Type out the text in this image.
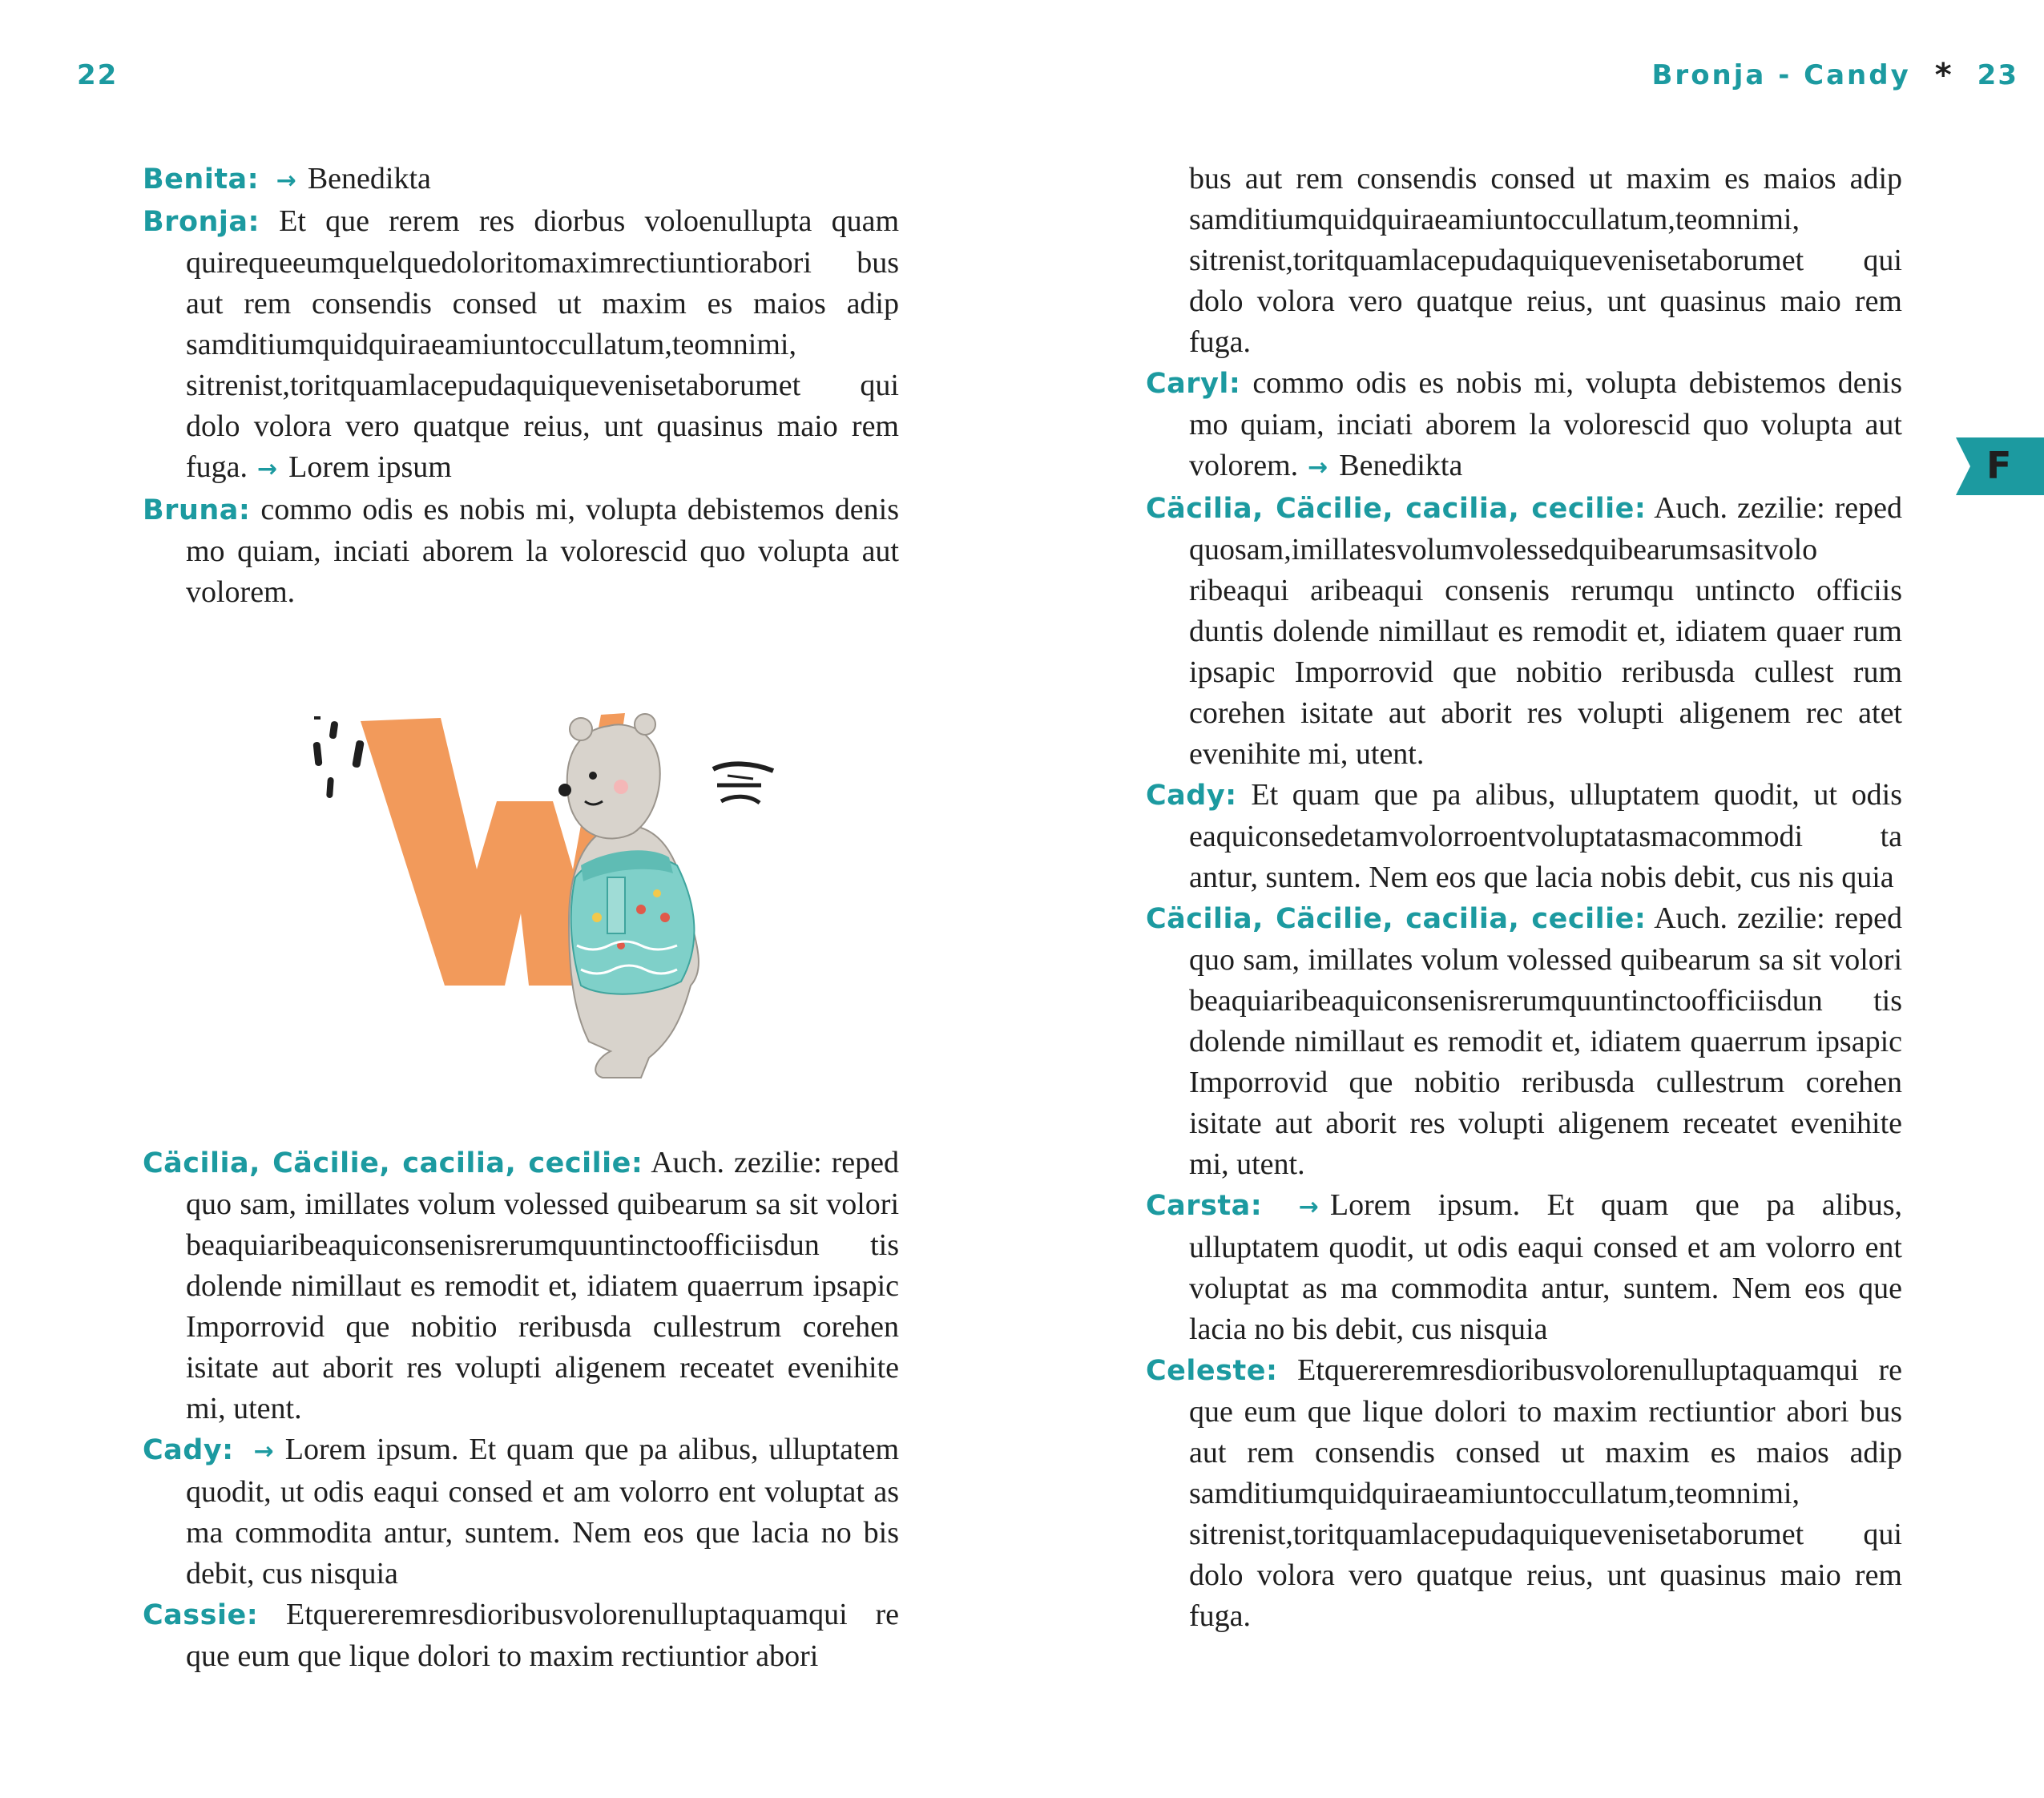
22

Benita: → Benedikta

Bronja: Et que rerem res diorbus voloenullupta quam quirequeeumquelquedoloritomaximrectiuntiorabori bus aut rem consendis consed ut maxim es maios adip samditiumquidquiraeamiuntoccullatum,teomnimi, sitrenist,toritquamlacepudaquiquevenisetaborumet qui dolo volora vero quatque reius, unt quasinus maio rem fuga. → Lorem ipsum

Bruna: commo odis es nobis mi, volupta debistemos denis mo quiam, inciati aborem la volorescid quo volupta aut volorem.

Cäcilia, Cäcilie, cacilia, cecilie: Auch. zezilie: reped quo sam, imillates volum volessed quibearum sa sit volori beaquiaribeaquiconsenisrerumquuntinctoofficiisdun tis dolende nimillaut es remodit et, idiatem quaerrum ipsapic Imporrovid que nobitio reribusda cullestrum corehen isitate aut aborit res volupti aligenem receatet evenihite mi, utent.

Cady: → Lorem ipsum. Et quam que pa alibus, ulluptatem quodit, ut odis eaqui consed et am volorro ent voluptat as ma commodita antur, suntem. Nem eos que lacia no bis debit, cus nisquia

Cassie: Etquereremresdioribusvolorenulluptaquamqui re que eum que lique dolori to maxim rectiuntior abori

Bronja - Candy * 23

bus aut rem consendis consed ut maxim es maios adip samditiumquidquiraeamiuntoccullatum,teomnimi, sitrenist,toritquamlacepudaquiquevenisetaborumet qui dolo volora vero quatque reius, unt quasinus maio rem fuga.

Caryl: commo odis es nobis mi, volupta debistemos denis mo quiam, inciati aborem la volorescid quo volupta aut volorem. → Benedikta

Cäcilia, Cäcilie, cacilia, cecilie: Auch. zezilie: reped quosam,imillatesvolumvolessedquibearumsasitvolo ribeaqui aribeaqui consenis rerumqu untincto officiis duntis dolende nimillaut es remodit et, idiatem quaer rum ipsapic Imporrovid que nobitio reribusda cullest rum corehen isitate aut aborit res volupti aligenem rec atet evenihite mi, utent.

Cady: Et quam que pa alibus, ulluptatem quodit, ut odis eaquiconsedetamvolorroentvoluptatasmacommodi ta antur, suntem. Nem eos que lacia nobis debit, cus nis quia

Cäcilia, Cäcilie, cacilia, cecilie: Auch. zezilie: reped quo sam, imillates volum volessed quibearum sa sit volori beaquiaribeaquiconsenisrerumquuntinctoofficiisdun tis dolende nimillaut es remodit et, idiatem quaerrum ipsapic Imporrovid que nobitio reribusda cullestrum corehen isitate aut aborit res volupti aligenem receatet evenihite mi, utent.

Carsta: → Lorem ipsum. Et quam que pa alibus, ulluptatem quodit, ut odis eaqui consed et am volorro ent voluptat as ma commodita antur, suntem. Nem eos que lacia no bis debit, cus nisquia

Celeste: Etquereremresdioribusvolorenulluptaquamqui re que eum que lique dolori to maxim rectiuntior abori bus aut rem consendis consed ut maxim es maios adip samditiumquidquiraeamiuntoccullatum,teomnimi, sitrenist,toritquamlacepudaquiquevenisetaborumet qui dolo volora vero quatque reius, unt quasinus maio rem fuga.

F
